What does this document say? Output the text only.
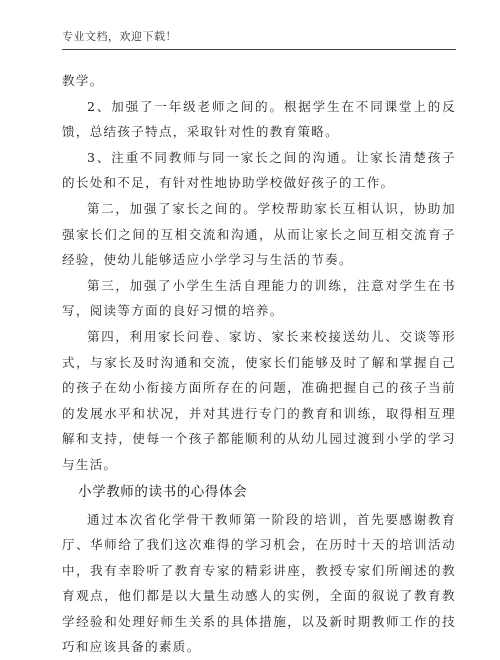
专业文档，欢迎下载！

教学。

2、加强了一年级老师之间的。根据学生在不同课堂上的反馈，总结孩子特点，采取针对性的教育策略。

3、注重不同教师与同一家长之间的沟通。让家长清楚孩子的长处和不足，有针对性地协助学校做好孩子的工作。

第二，加强了家长之间的。学校帮助家长互相认识，协助加强家长们之间的互相交流和沟通，从而让家长之间互相交流育子经验，使幼儿能够适应小学学习与生活的节奏。

第三，加强了小学生生活自理能力的训练，注意对学生在书写，阅读等方面的良好习惯的培养。

第四，利用家长问卷、家访、家长来校接送幼儿、交谈等形式，与家长及时沟通和交流，使家长们能够及时了解和掌握自己的孩子在幼小衔接方面所存在的问题，准确把握自己的孩子当前的发展水平和状况，并对其进行专门的教育和训练，取得相互理解和支持，使每一个孩子都能顺利的从幼儿园过渡到小学的学习与生活。

小学教师的读书的心得体会

通过本次省化学骨干教师第一阶段的培训，首先要感谢教育厅、华师给了我们这次难得的学习机会，在历时十天的培训活动中，我有幸聆听了教育专家的精彩讲座，教授专家们所阐述的教育观点，他们都是以大量生动感人的实例，全面的叙说了教育教学经验和处理好师生关系的具体措施，以及新时期教师工作的技巧和应该具备的素质。
